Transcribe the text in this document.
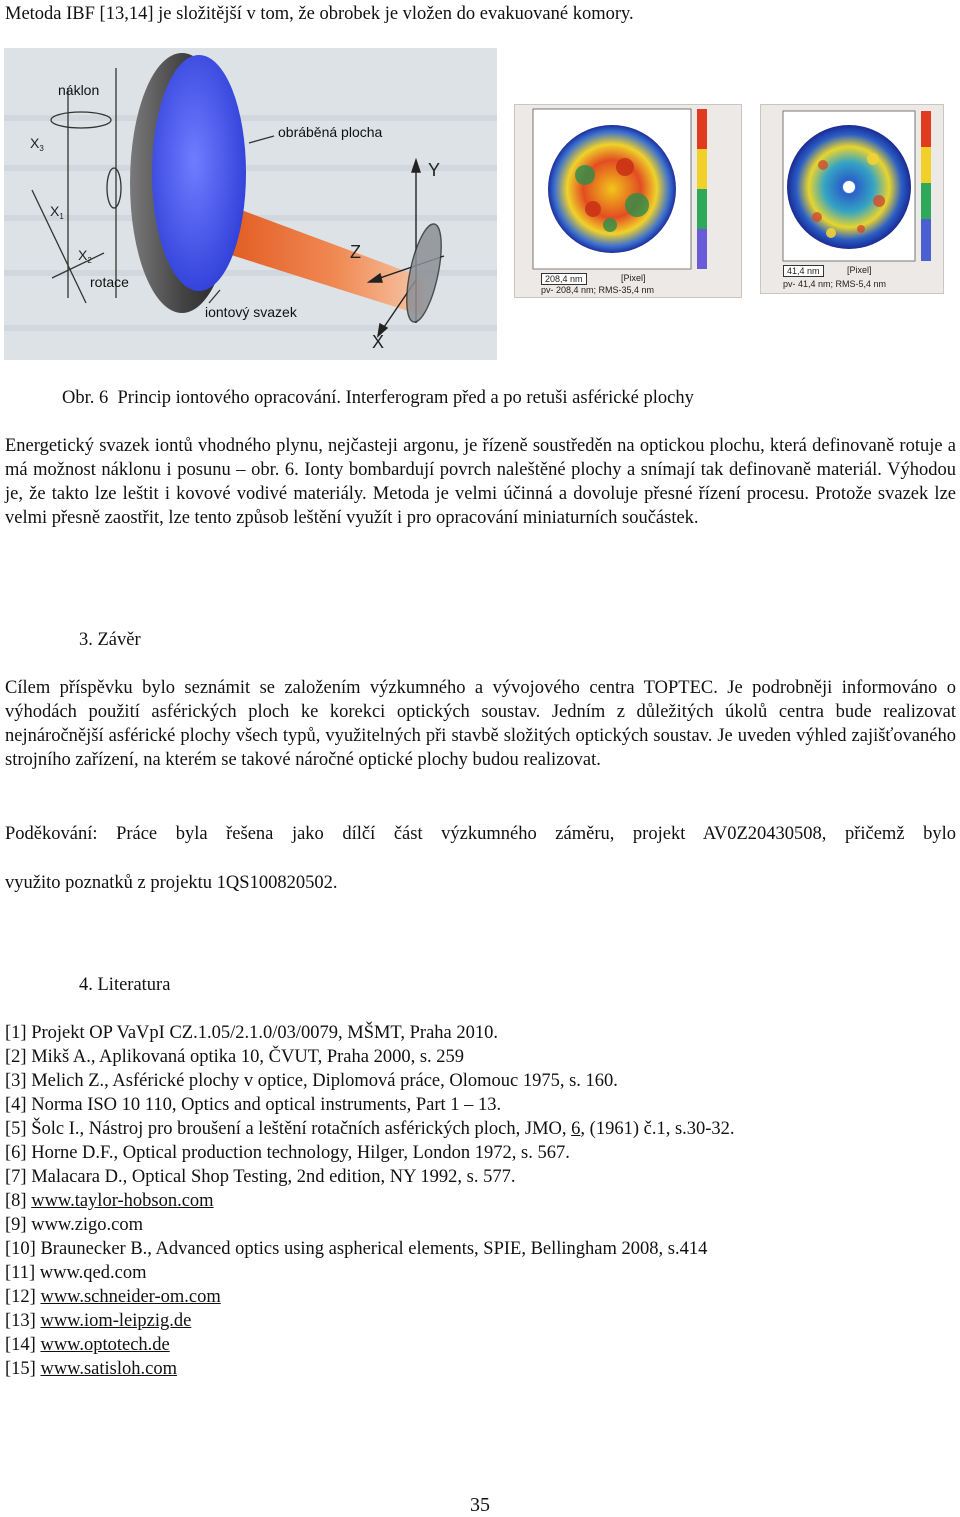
Metoda IBF [13,14] je složitější v tom, že obrobek je vložen do evakuované komory.
$X_3$
$X_1$
$X_2$
Y
Z
X
náklon
obráběná plocha
rotace
iontový svazek
208,4 nm	[Pixel]
pv- 208,4 nm; RMS-35,4 nm
41,4 nm	[Pixel]
pv- 41,4 nm; RMS-5,4 nm
Obr. 6  Princip iontového opracování. Interferogram před a po retuši asférické plochy
Energetický svazek iontů vhodného plynu, nejčasteji argonu, je řízeně soustředěn na optickou plochu, která definovaně rotuje a má možnost náklonu i posunu – obr. 6. Ionty bombardují povrch naleštěné plochy a snímají tak definovaně materiál. Výhodou je, že takto lze leštit i kovové vodivé materiály. Metoda je velmi účinná a dovoluje přesné řízení procesu. Protože svazek lze velmi přesně zaostřit, lze tento způsob leštění využít i pro opracování miniaturních součástek.
3. Závěr
Cílem příspěvku bylo seznámit se založením výzkumného a vývojového centra TOPTEC. Je podrobněji informováno o výhodách použití asférických ploch ke korekci optických soustav. Jedním z důležitých úkolů centra bude realizovat nejnáročnější asférické plochy všech typů, využitelných při stavbě složitých optických soustav. Je uveden výhled zajišťovaného strojního zařízení, na kterém se takové náročné optické plochy budou realizovat.
Poděkování: Práce byla řešena jako dílčí část výzkumného záměru, projekt AV0Z20430508, přičemž bylo
využito poznatků z projektu 1QS100820502.
4. Literatura
[1] Projekt OP VaVpI CZ.1.05/2.1.0/03/0079, MŠMT, Praha 2010.
[2] Mikš A., Aplikovaná optika 10, ČVUT, Praha 2000, s. 259
[3] Melich Z., Asférické plochy v optice, Diplomová práce, Olomouc 1975, s. 160.
[4] Norma ISO 10 110, Optics and optical instruments, Part 1 – 13.
[5] Šolc I., Nástroj pro broušení a leštění rotačních asférických ploch, JMO, 6, (1961) č.1, s.30-32.
[6] Horne D.F., Optical production technology, Hilger, London 1972, s. 567.
[7] Malacara D., Optical Shop Testing, 2nd edition, NY 1992, s. 577.
[8] www.taylor-hobson.com
[9] www.zigo.com
[10] Braunecker B., Advanced optics using aspherical elements, SPIE, Bellingham 2008, s.414
[11] www.qed.com
[12] www.schneider-om.com
[13] www.iom-leipzig.de
[14] www.optotech.de
[15] www.satisloh.com
35
